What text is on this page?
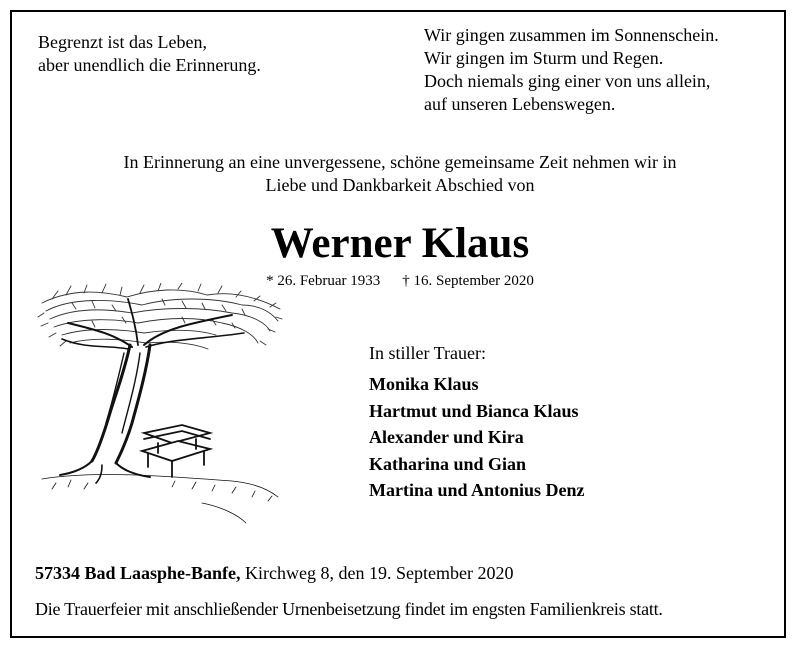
Begrenzt ist das Leben,
aber unendlich die Erinnerung.
Wir gingen zusammen im Sonnenschein.
Wir gingen im Sturm und Regen.
Doch niemals ging einer von uns allein,
auf unseren Lebenswegen.
In Erinnerung an eine unvergessene, schöne gemeinsame Zeit nehmen wir in
Liebe und Dankbarkeit Abschied von
Werner Klaus
* 26. Februar 1933 † 16. September 2020
In stiller Trauer:
Monika Klaus
Hartmut und Bianca Klaus
Alexander und Kira
Katharina und Gian
Martina und Antonius Denz
57334 Bad Laasphe-Banfe, Kirchweg 8, den 19. September 2020
Die Trauerfeier mit anschließender Urnenbeisetzung findet im engsten Familienkreis statt.
